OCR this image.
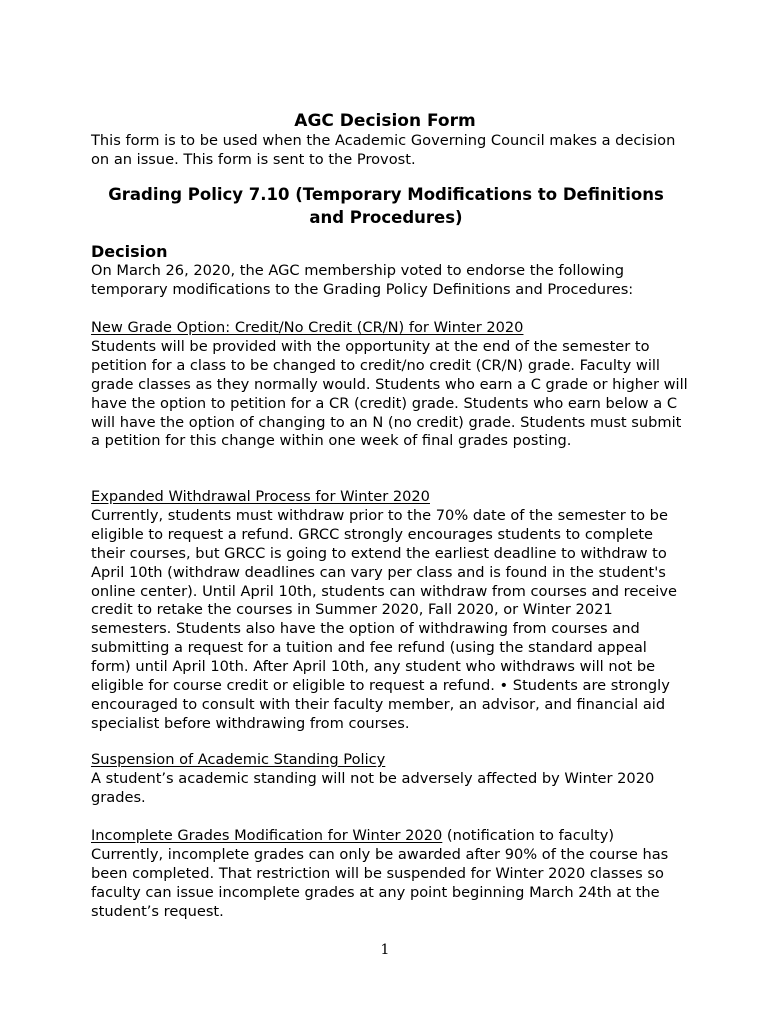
AGC Decision Form
This form is to be used when the Academic Governing Council makes a decision on an issue. This form is sent to the Provost.
Grading Policy 7.10 (Temporary Modifications to Definitions and Procedures)
Decision
On March 26, 2020, the AGC membership voted to endorse the following temporary modifications to the Grading Policy Definitions and Procedures:

New Grade Option: Credit/No Credit (CR/N) for Winter 2020

Students will be provided with the opportunity at the end of the semester to petition for a class to be changed to credit/no credit (CR/N) grade. Faculty will grade classes as they normally would. Students who earn a C grade or higher will have the option to petition for a CR (credit) grade. Students who earn below a C will have the option of changing to an N (no credit) grade. Students must submit a petition for this change within one week of final grades posting.

Expanded Withdrawal Process for Winter 2020

Currently, students must withdraw prior to the 70% date of the semester to be eligible to request a refund. GRCC strongly encourages students to complete their courses, but GRCC is going to extend the earliest deadline to withdraw to April 10th (withdraw deadlines can vary per class and is found in the student's online center). Until April 10th, students can withdraw from courses and receive credit to retake the courses in Summer 2020, Fall 2020, or Winter 2021 semesters. Students also have the option of withdrawing from courses and submitting a request for a tuition and fee refund (using the standard appeal form) until April 10th. After April 10th, any student who withdraws will not be eligible for course credit or eligible to request a refund. • Students are strongly encouraged to consult with their faculty member, an advisor, and financial aid specialist before withdrawing from courses.

Suspension of Academic Standing Policy

A student’s academic standing will not be adversely affected by Winter 2020 grades.

Incomplete Grades Modification for Winter 2020 (notification to faculty)

Currently, incomplete grades can only be awarded after 90% of the course has been completed. That restriction will be suspended for Winter 2020 classes so faculty can issue incomplete grades at any point beginning March 24th at the student’s request.

1
